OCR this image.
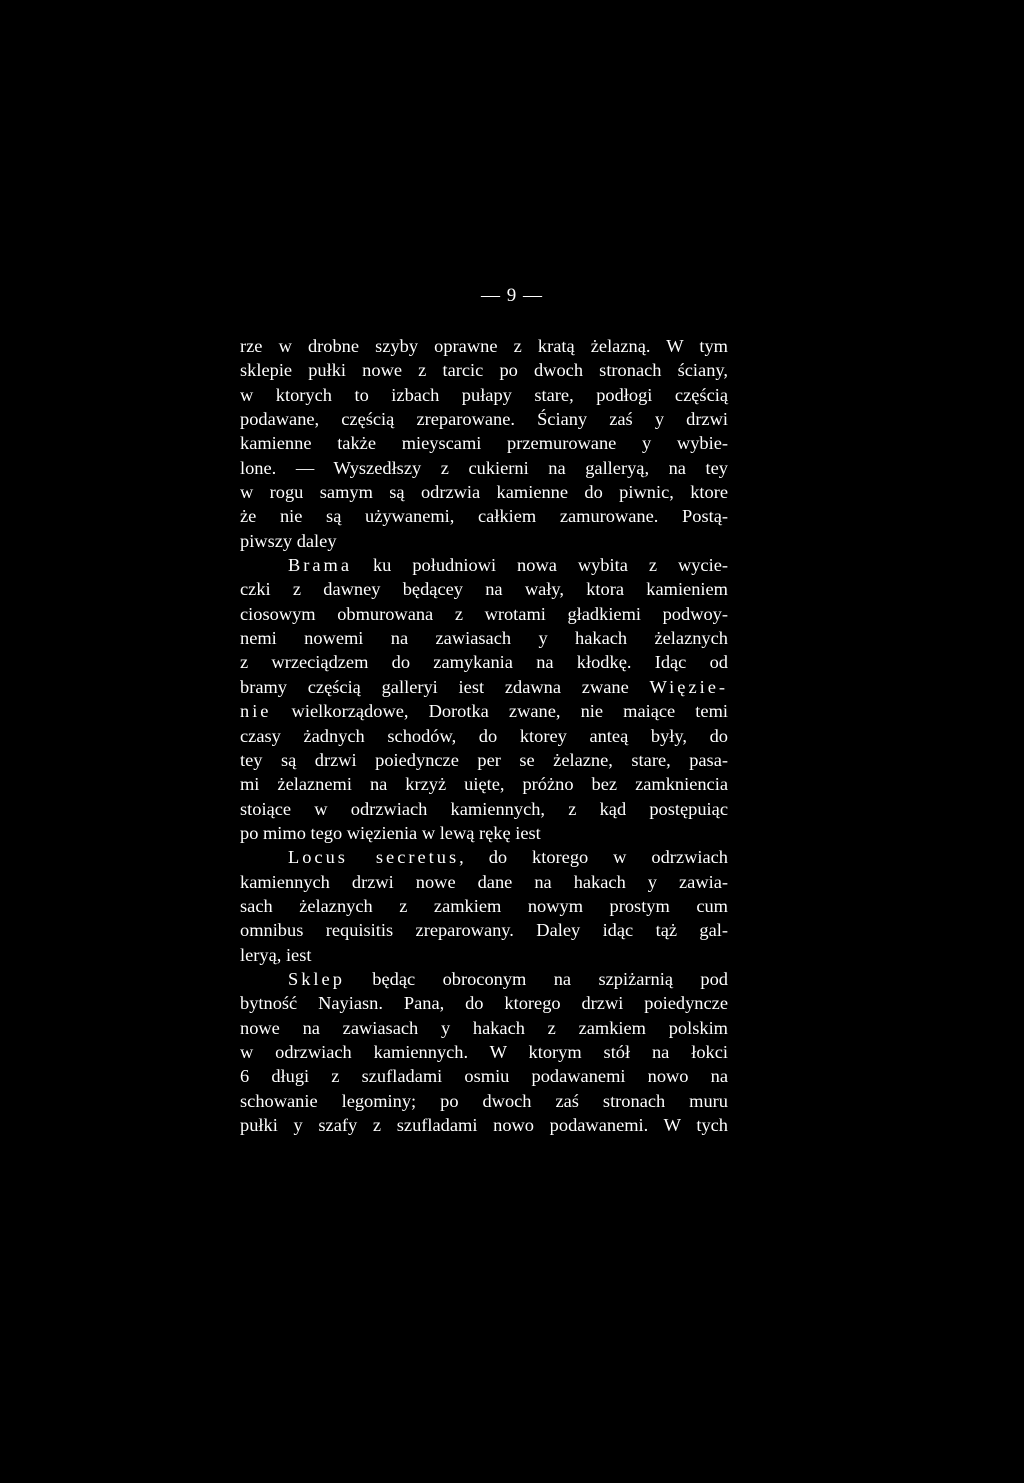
— 9 —
rze w drobne szyby oprawne z kratą żelazną. W tym
sklepie pułki nowe z tarcic po dwoch stronach ściany,
w ktorych to izbach pułapy stare, podłogi częścią
podawane, częścią zreparowane. Ściany zaś y drzwi
kamienne także mieyscami przemurowane y wybie-
lone. — Wyszedłszy z cukierni na galleryą, na tey
w rogu samym są odrzwia kamienne do piwnic, ktore
że nie są używanemi, całkiem zamurowane. Postą-
piwszy daley
Brama ku południowi nowa wybita z wycie-
czki z dawney będącey na wały, ktora kamieniem
ciosowym obmurowana z wrotami gładkiemi podwoy-
nemi nowemi na zawiasach y hakach żelaznych
z wrzeciądzem do zamykania na kłodkę. Idąc od
bramy częścią galleryi iest zdawna zwane Więzie-
nie wielkorządowe, Dorotka zwane, nie maiące temi
czasy żadnych schodów, do ktorey anteą były, do
tey są drzwi poiedyncze per se żelazne, stare, pasa-
mi żelaznemi na krzyż uięte, próżno bez zamkniencia
stoiące w odrzwiach kamiennych, z kąd postępuiąc
po mimo tego więzienia w lewą rękę iest
Locus secretus, do ktorego w odrzwiach
kamiennych drzwi nowe dane na hakach y zawia-
sach żelaznych z zamkiem nowym prostym cum
omnibus requisitis zreparowany. Daley idąc tąż gal-
leryą, iest
Sklep będąc obroconym na szpiżarnią pod
bytność Nayiasn. Pana, do ktorego drzwi poiedyncze
nowe na zawiasach y hakach z zamkiem polskim
w odrzwiach kamiennych. W ktorym stół na łokci
6 długi z szufladami osmiu podawanemi nowo na
schowanie legominy; po dwoch zaś stronach muru
pułki y szafy z szufladami nowo podawanemi. W tych
